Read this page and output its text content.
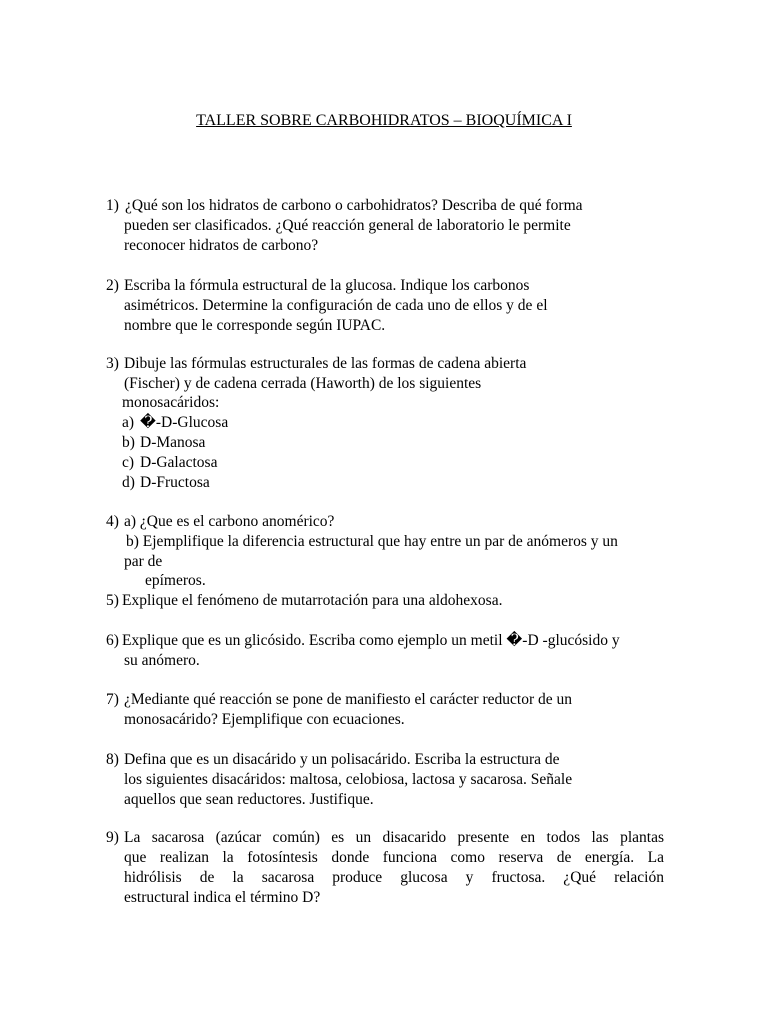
TALLER SOBRE CARBOHIDRATOS – BIOQUÍMICA I
1) ¿Qué son los hidratos de carbono o carbohidratos? Describa de qué forma
pueden ser clasificados. ¿Qué reacción general de laboratorio le permite
reconocer hidratos de carbono?
2) Escriba la fórmula estructural de la glucosa. Indique los carbonos
asimétricos. Determine la configuración de cada uno de ellos y de el
nombre que le corresponde según IUPAC.
3) Dibuje las fórmulas estructurales de las formas de cadena abierta
(Fischer) y de cadena cerrada (Haworth) de los siguientes
monosacáridos:
a) �-D-Glucosa
b) D-Manosa
c) D-Galactosa
d) D-Fructosa
4) a) ¿Que es el carbono anomérico?
b) Ejemplifique la diferencia estructural que hay entre un par de anómeros y un
par de
epímeros.
5) Explique el fenómeno de mutarrotación para una aldohexosa.
6) Explique que es un glicósido. Escriba como ejemplo un metil �-D -glucósido y
su anómero.
7) ¿Mediante qué reacción se pone de manifiesto el carácter reductor de un
monosacárido? Ejemplifique con ecuaciones.
8) Defina que es un disacárido y un polisacárido. Escriba la estructura de
los siguientes disacáridos: maltosa, celobiosa, lactosa y sacarosa. Señale
aquellos que sean reductores. Justifique.
9) La sacarosa (azúcar común) es un disacarido presente en todos las plantas
que realizan la fotosíntesis donde funciona como reserva de energía. La
hidrólisis de la sacarosa produce glucosa y fructosa. ¿Qué relación
estructural indica el término D?
